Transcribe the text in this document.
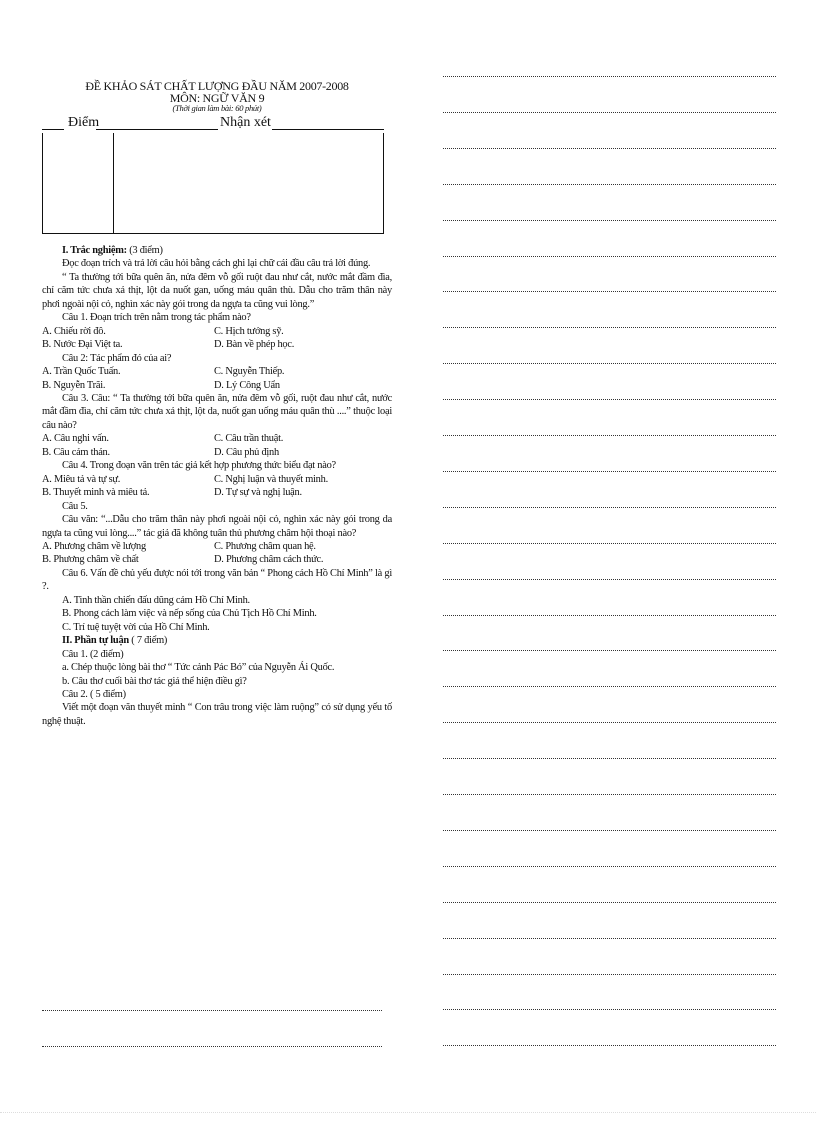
ĐỀ KHẢO SÁT CHẤT LƯỢNG ĐẦU NĂM 2007-2008
MÔN: NGỮ VĂN 9
(Thời gian làm bài: 60 phút)
Điểm	Nhận xét

I. Trắc nghiệm: (3 điểm)

Đọc đoạn trích và trả lời câu hỏi bằng cách ghi lại chữ cái đầu câu trả lời đúng.

“ Ta thường tới bữa quên ăn, nửa đêm vỗ gối ruột đau như cắt, nước mắt đầm đìa, chỉ căm tức chưa xả thịt, lột da nuốt gan, uống máu quân thù. Dẫu cho trăm thân này phơi ngoài nội cỏ, nghìn xác này gói trong da ngựa ta cũng vui lòng.”

Câu 1. Đoạn trích trên nằm trong tác phẩm nào?

A. Chiếu rời đô.	C. Hịch tướng sỹ.
B. Nước Đại Việt ta.	D. Bàn về phép học.

Câu 2: Tác phẩm đó của ai?

A. Trần Quốc Tuấn.	C. Nguyễn Thiếp.
B. Nguyễn Trãi.	D. Lý Công Uẩn

Câu 3. Câu: “ Ta thường tới bữa quên ăn, nửa đêm vỗ gối, ruột đau như cắt, nước mắt đầm đìa, chỉ căm tức chưa xả thịt, lột da, nuốt gan uống máu quân thù ....” thuộc loại câu nào?

A. Câu nghi vấn.	C. Câu trần thuật.
B. Câu cảm thán.	D. Câu phủ định

Câu 4. Trong đoạn văn trên tác giả kết hợp phương thức biểu đạt nào?

A. Miêu tả và tự sự.	C. Nghị luận và thuyết minh.
B. Thuyết minh và miêu tả.	D. Tự sự và nghị luận.

Câu 5.

Câu văn: “...Dẫu cho trăm thân này phơi ngoài nội cỏ, nghìn xác này gói trong da ngựa ta cũng vui lòng....” tác giả đã không tuân thủ phương châm hội thoại nào?

A. Phương châm về lượng	C. Phương châm quan hệ.
B. Phương châm về chất	D. Phương châm cách thức.

Câu 6. Vấn đề chủ yếu được nói tới trong văn bản “ Phong cách Hồ Chí Minh” là gì ?.

A. Tinh thần chiến đấu dũng cảm Hồ Chí Minh.

B. Phong cách làm việc và nếp sống của Chủ Tịch Hồ Chí Minh.

C. Trí tuệ tuyệt vời của Hồ Chí Minh.

II. Phần tự luận ( 7 điểm)

Câu 1. (2 điểm)

a. Chép thuộc lòng bài thơ “ Tức cảnh Pác Bó” của Nguyễn Ái Quốc.

b. Câu thơ cuối bài thơ tác giả thể hiện điều gì?

Câu 2. ( 5 điểm)

Viết một đoạn văn thuyết minh “ Con trâu trong việc làm ruộng” có sử dụng yếu tố nghệ thuật.
